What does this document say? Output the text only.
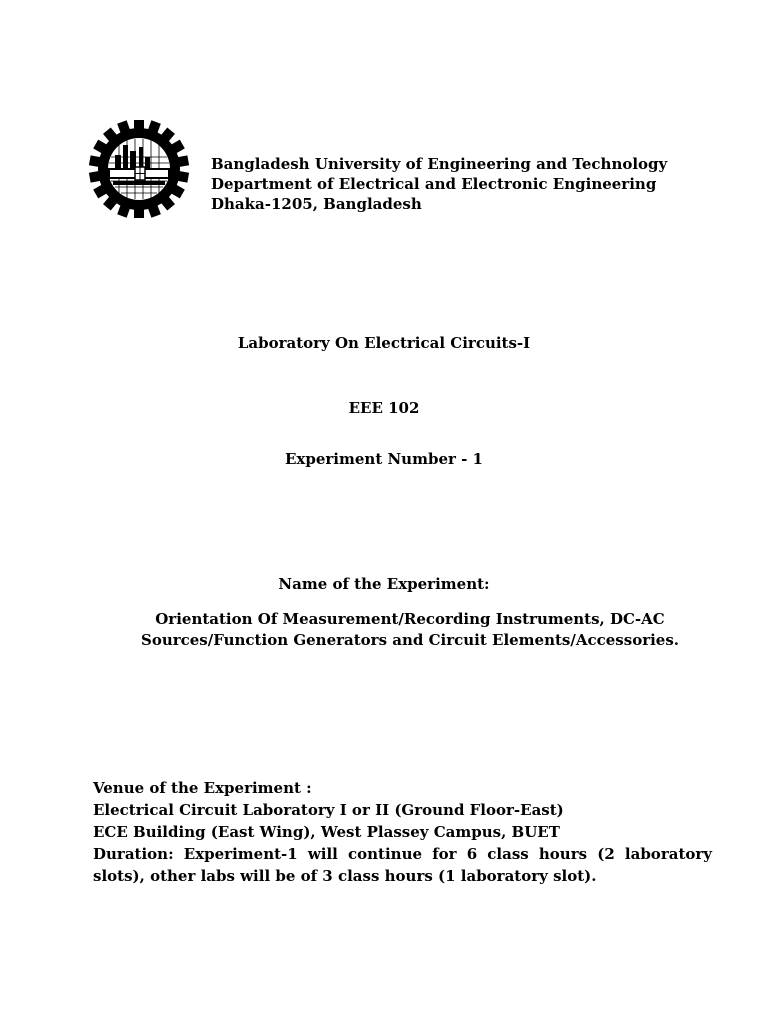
Bangladesh University of Engineering and Technology
Department of Electrical and Electronic Engineering
Dhaka-1205, Bangladesh
Laboratory On Electrical Circuits-I
EEE 102
Experiment Number - 1
Name of the Experiment:
Orientation Of Measurement/Recording Instruments, DC-AC Sources/Function Generators and Circuit Elements/Accessories.
Venue of the Experiment :
Electrical Circuit Laboratory I or II (Ground Floor-East)
ECE Building (East Wing), West Plassey Campus, BUET
Duration: Experiment-1 will continue for 6 class hours (2 laboratory slots), other labs will be of 3 class hours (1 laboratory slot).
